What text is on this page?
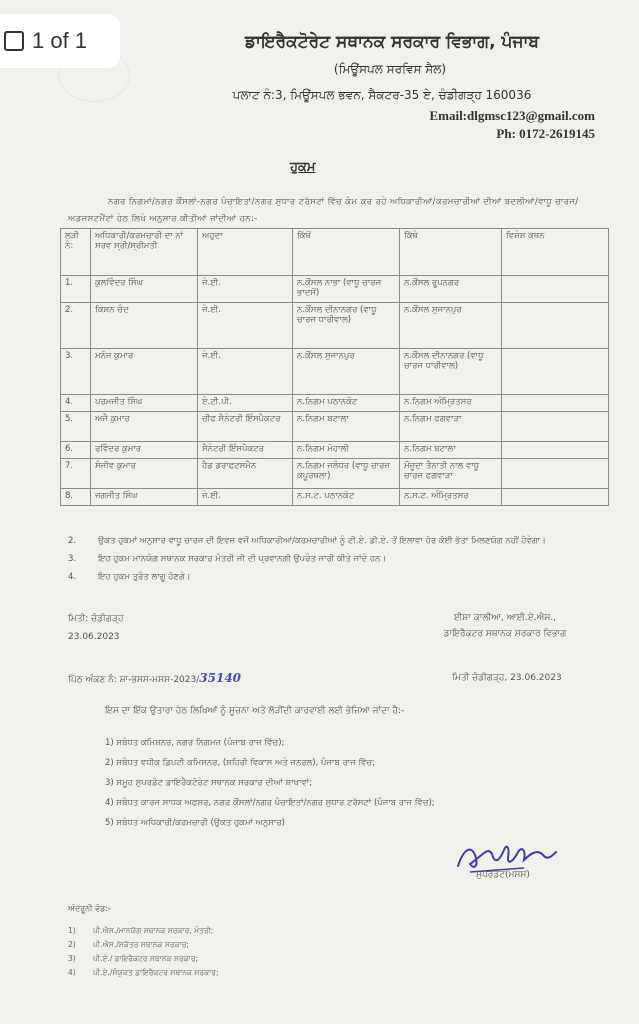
1 of 1	ਡਾਇਰੈਕਟੋਰੇਟ ਸਥਾਨਕ ਸਰਕਾਰ ਵਿਭਾਗ, ਪੰਜਾਬ
(ਮਿਊਂਸਪਲ ਸਰਵਿਸ ਸੈਲ)
ਪਲਾਟ ਨੰ:3, ਮਿਊਂਸਪਲ ਭਵਨ, ਸੈਕਟਰ-35 ਏ, ਚੰਡੀਗੜ੍ਹ 160036
Email:dlgmsc123@gmail.com
Ph: 0172-2619145
ਹੁਕਮ
ਨਗਰ ਨਿਗਮਾਂ/ਨਗਰ ਕੌਂਸਲਾਂ-ਨਗਰ ਪੰਚਾਇਤਾਂ/ਨਗਰ ਸੁਧਾਰ ਟਰੱਸਟਾਂ ਵਿੱਚ ਕੰਮ ਕਰ ਰਹੇ ਅਧਿਕਾਰੀਆਂ/ਕਰਮਚਾਰੀਆਂ ਦੀਆਂ ਬਦਲੀਆਂ/ਵਾਧੂ ਚਾਰਜ/ਅਡਜਸਟਮੈਂਟਾਂ ਹੇਠ ਲਿਖੇ ਅਨੁਸਾਰ ਕੀਤੀਆਂ ਜਾਂਦੀਆਂ ਹਨ:-
ਲੜੀ ਨੰ:	ਅਧਿਕਾਰੀ/ਕਰਮਚਾਰੀ ਦਾ ਨਾਂ ਸਰਵ ਸ੍ਰੀ/ਸ੍ਰੀਮਤੀ	ਅਹੁਦਾ	ਕਿੱਥੋਂ	ਕਿੱਥੇ	ਵਿਸ਼ੇਸ਼ ਕਥਨ
1.	ਕੁਲਵਿੰਦਰ ਸਿੰਘ	ਜੇ.ਈ.	ਨ.ਕੌਂਸਲ ਨਾਭਾ (ਵਾਧੂ ਚਾਰਜ ਭਾਦਸੋਂ)	ਨ.ਕੌਂਸਲ ਰੂਪਨਗਰ	
2.	ਕਿਸ਼ਨ ਚੰਦ	ਜੇ.ਈ.	ਨ.ਕੌਂਸਲ ਦੀਨਾਨਗਰ (ਵਾਧੂ ਚਾਰਜ ਧਾਰੀਵਾਲ)	ਨ.ਕੌਂਸਲ ਸੁਜਾਨਪੁਰ	
3.	ਮਨੋਜ ਕੁਮਾਰ	ਜੇ.ਈ.	ਨ.ਕੌਂਸਲ ਸੁਜਾਨਪੁਰ	ਨ.ਕੌਂਸਲ ਦੀਨਾਨਗਰ (ਵਾਧੂ ਚਾਰਜ ਧਾਰੀਵਾਲ)	
4.	ਪਰਮਜੀਤ ਸਿੰਘ	ਏ.ਟੀ.ਪੀ.	ਨ.ਨਿਗਮ ਪਠਾਨਕੋਟ	ਨ.ਨਿਗਮ ਅੰਮ੍ਰਿਤਸਰ	
5.	ਅਜੈ ਕੁਮਾਰ	ਚੀਫ ਸੈਨੇਟਰੀ ਇੰਸਪੈਕਟਰ	ਨ.ਨਿਗਮ ਬਟਾਲਾ	ਨ.ਨਿਗਮ ਫਗਵਾੜਾ	
6.	ਰਵਿੰਦਰ ਕੁਮਾਰ	ਸੈਨੇਟਰੀ ਇੰਸਪੈਕਟਰ	ਨ.ਨਿਗਮ ਮੋਹਾਲੀ	ਨ.ਨਿਗਮ ਬਟਾਲਾ	
7.	ਸੰਜੀਵ ਕੁਮਾਰ	ਹੈਡ ਡਰਾਫਟਸਮੈਨ	ਨ.ਨਿਗਮ ਜਲੰਧਰ (ਵਾਧੂ ਚਾਰਜ ਕਪੂਰਥਲਾ)	ਮੌਜੂਦਾ ਤੈਨਾਤੀ ਨਾਲ ਵਾਧੂ ਚਾਰਜ ਫਗਵਾੜਾ	
8.	ਜਗਜੀਤ ਸਿੰਘ	ਜੇ.ਈ.	ਨ.ਸ.ਟ. ਪਠਾਨਕੋਟ	ਨ.ਸ.ਟ. ਅੰਮ੍ਰਿਤਸਰ	
2.	ਉਕਤ ਹੁਕਮਾਂ ਅਨੁਸਾਰ ਵਾਧੂ ਚਾਰਜ ਦੀ ਇਵਜ਼ ਵਜੋਂ ਅਧਿਕਾਰੀਆਂ/ਕਰਮਚਾਰੀਆਂ ਨੂੰ ਟੀ.ਏ. ਡੀ.ਏ. ਤੋਂ ਇਲਾਵਾ ਹੋਰ ਕੋਈ ਭੱਤਾ ਮਿਲਣਯੋਗ ਨਹੀਂ ਹੋਵੇਗਾ।
3.	ਇਹ ਹੁਕਮ ਮਾਨਯੋਗ ਸਥਾਨਕ ਸਰਕਾਰ ਮੰਤਰੀ ਜੀ ਦੀ ਪ੍ਰਵਾਨਗੀ ਉਪਰੰਤ ਜਾਰੀ ਕੀਤੇ ਜਾਂਦੇ ਹਨ।
4.	ਇਹ ਹੁਕਮ ਤੁਰੰਤ ਲਾਗੂ ਹੋਣਗੇ।
ਮਿਤੀ: ਚੰਡੀਗੜ੍ਹ
23.06.2023
ਈਸ਼ਾ ਕਾਲੀਆ, ਆਈ.ਏ.ਐਸ.,
ਡਾਇਰੈਕਟਰ ਸਥਾਨਕ ਸਰਕਾਰ ਵਿਭਾਗ
ਪਿੱਠ ਅੰਕਣ ਨੰ: ਸ਼ਾ-ਭਸਸ-ਮਸਸ-2023/35140	ਮਿਤੀ ਚੰਡੀਗੜ੍ਹ, 23.06.2023
ਇਸ ਦਾ ਇੱਕ ਉਤਾਰਾ ਹੇਠ ਲਿਖਿਆਂ ਨੂੰ ਸੂਚਨਾ ਅਤੇ ਲੋੜੀਂਦੀ ਕਾਰਵਾਈ ਲਈ ਭੇਜਿਆ ਜਾਂਦਾ ਹੈ:-
1) ਸਬੰਧਤ ਕਮਿਸ਼ਨਰ, ਨਗਰ ਨਿਗਮਜ਼ (ਪੰਜਾਬ ਰਾਜ ਵਿੱਚ);
2) ਸਬੰਧਤ ਵਧੀਕ ਡਿਪਟੀ ਕਮਿਸ਼ਨਰ, (ਸ਼ਹਿਰੀ ਵਿਕਾਸ ਅਤੇ ਜਨਰਲ), ਪੰਜਾਬ ਰਾਜ ਵਿੱਚ;
3) ਸਮੂਹ ਸੁਪਰਡੰਟ ਡਾਇਰੈਕਟੋਰੇਟ ਸਥਾਨਕ ਸਰਕਾਰ ਦੀਆਂ ਸ਼ਾਖਾਵਾਂ;
4) ਸਬੰਧਤ ਕਾਰਜ ਸਾਧਕ ਅਫਸਰ, ਨਗਰ ਕੌਂਸਲਾਂ/ਨਗਰ ਪੰਚਾਇਤਾਂ/ਨਗਰ ਸੁਧਾਰ ਟਰੱਸਟਾਂ (ਪੰਜਾਬ ਰਾਜ ਵਿੱਚ);
5) ਸਬੰਧਤ ਅਧਿਕਾਰੀ/ਕਰਮਚਾਰੀ (ਉਕਤ ਹੁਕਮਾਂ ਅਨੁਸਾਰ)
ਸੁਪਰਡੰਟ(ਮਸਸ)
ਅੰਦਰੂਨੀ ਵੰਡ:-
1)	ਪੀ.ਐਸ./ਮਾਨਯੋਗ ਸਥਾਨਕ ਸਰਕਾਰ, ਮੰਤਰੀ;
2)	ਪੀ.ਐਸ./ਸਕੱਤਰ ਸਥਾਨਕ ਸਰਕਾਰ;
3)	ਪੀ.ਏ./ ਡਾਇਰੈਕਟਰ ਸਥਾਨਕ ਸਰਕਾਰ;
4)	ਪੀ.ਏ./ਸੰਯੁਕਤ ਡਾਇਰੈਕਟਰ ਸਥਾਨਕ ਸਰਕਾਰ;
